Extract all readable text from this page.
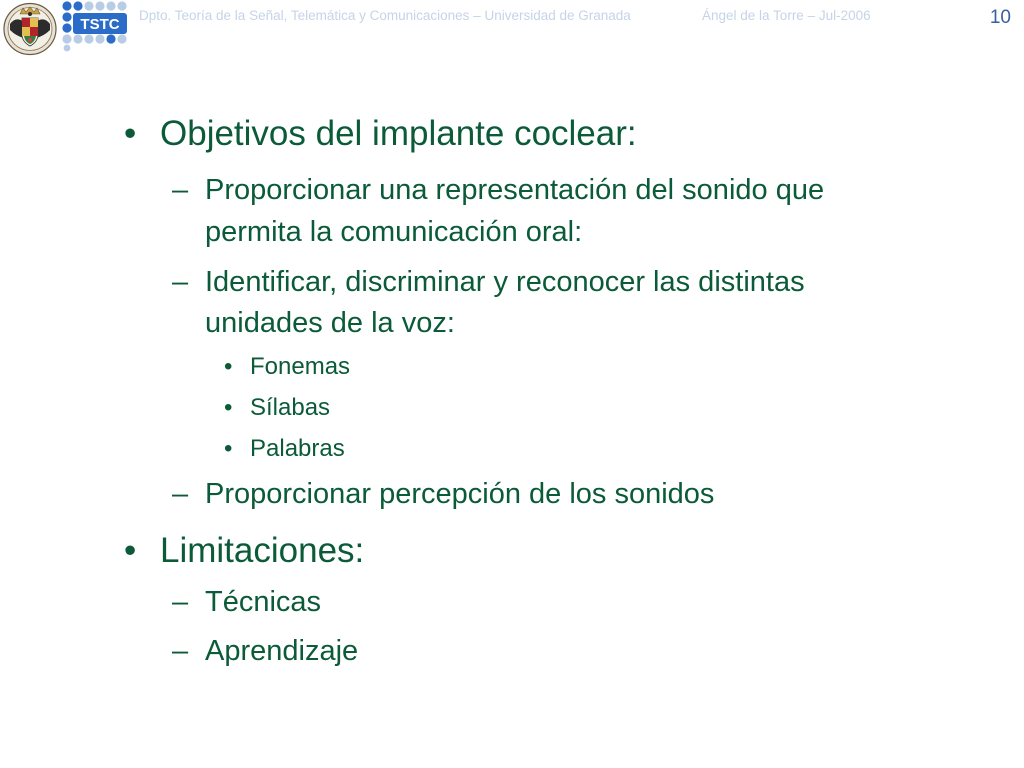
TSTC
Dpto. Teoría de la Señal, Telemática y Comunicaciones – Universidad de Granada	Ángel de la Torre – Jul-2006	10
• Objetivos del implante coclear:
– Proporcionar una representación del sonido que
permita la comunicación oral:
– Identificar, discriminar y reconocer las distintas
unidades de la voz:
• Fonemas
• Sílabas
• Palabras
– Proporcionar percepción de los sonidos
• Limitaciones:
– Técnicas
– Aprendizaje
